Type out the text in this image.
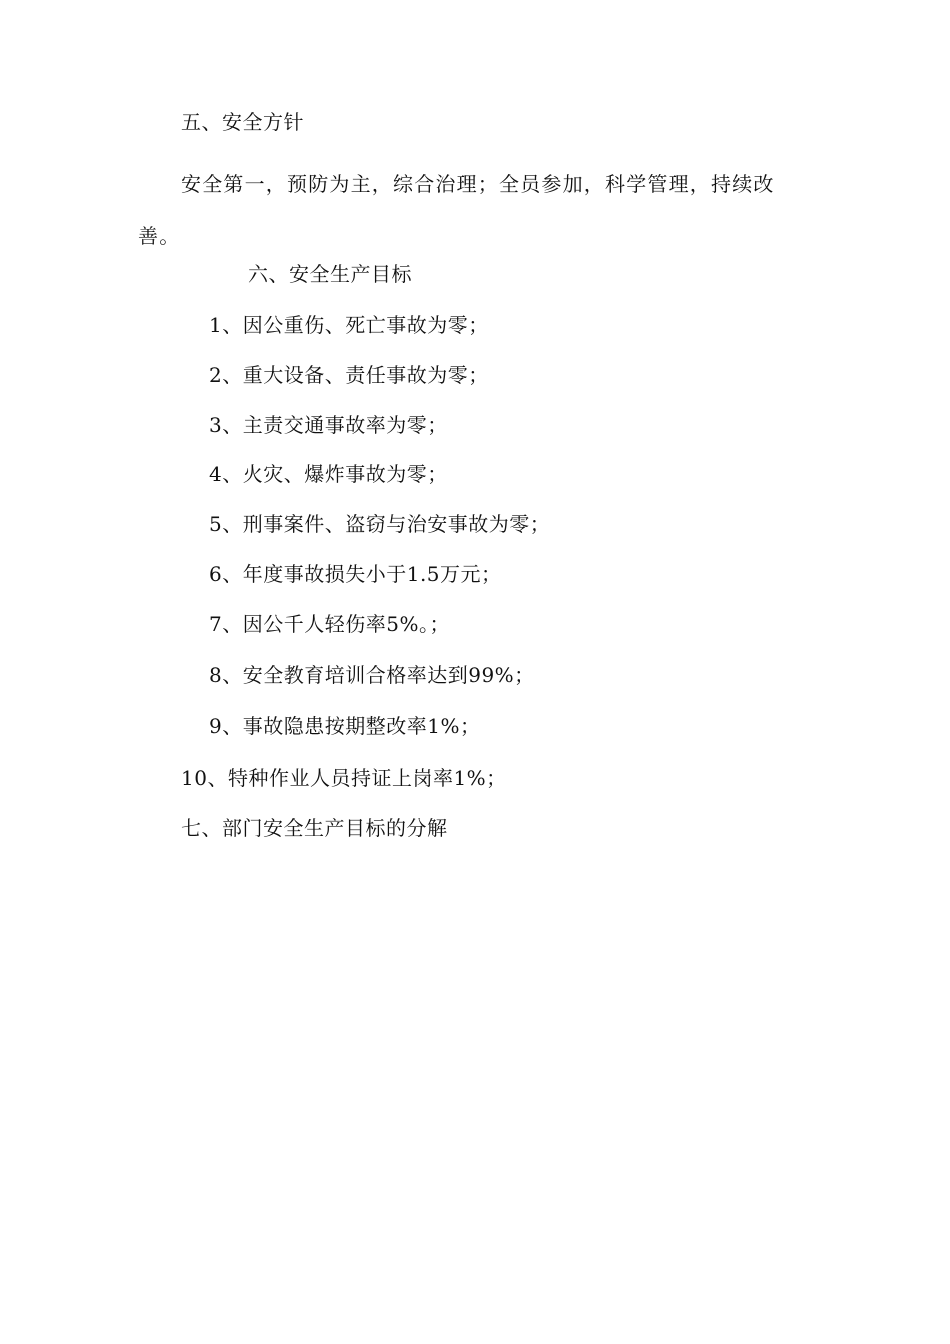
五、安全方针
安全第一，预防为主，综合治理；全员参加，科学管理，持续改善。
六、安全生产目标
1、因公重伤、死亡事故为零；
2、重大设备、责任事故为零；
3、主责交通事故率为零；
4、火灾、爆炸事故为零；
5、刑事案件、盗窃与治安事故为零；
6、年度事故损失小于1.5万元；
7、因公千人轻伤率5%。；
8、安全教育培训合格率达到99%；
9、事故隐患按期整改率1%；
10、特种作业人员持证上岗率1%；
七、部门安全生产目标的分解
